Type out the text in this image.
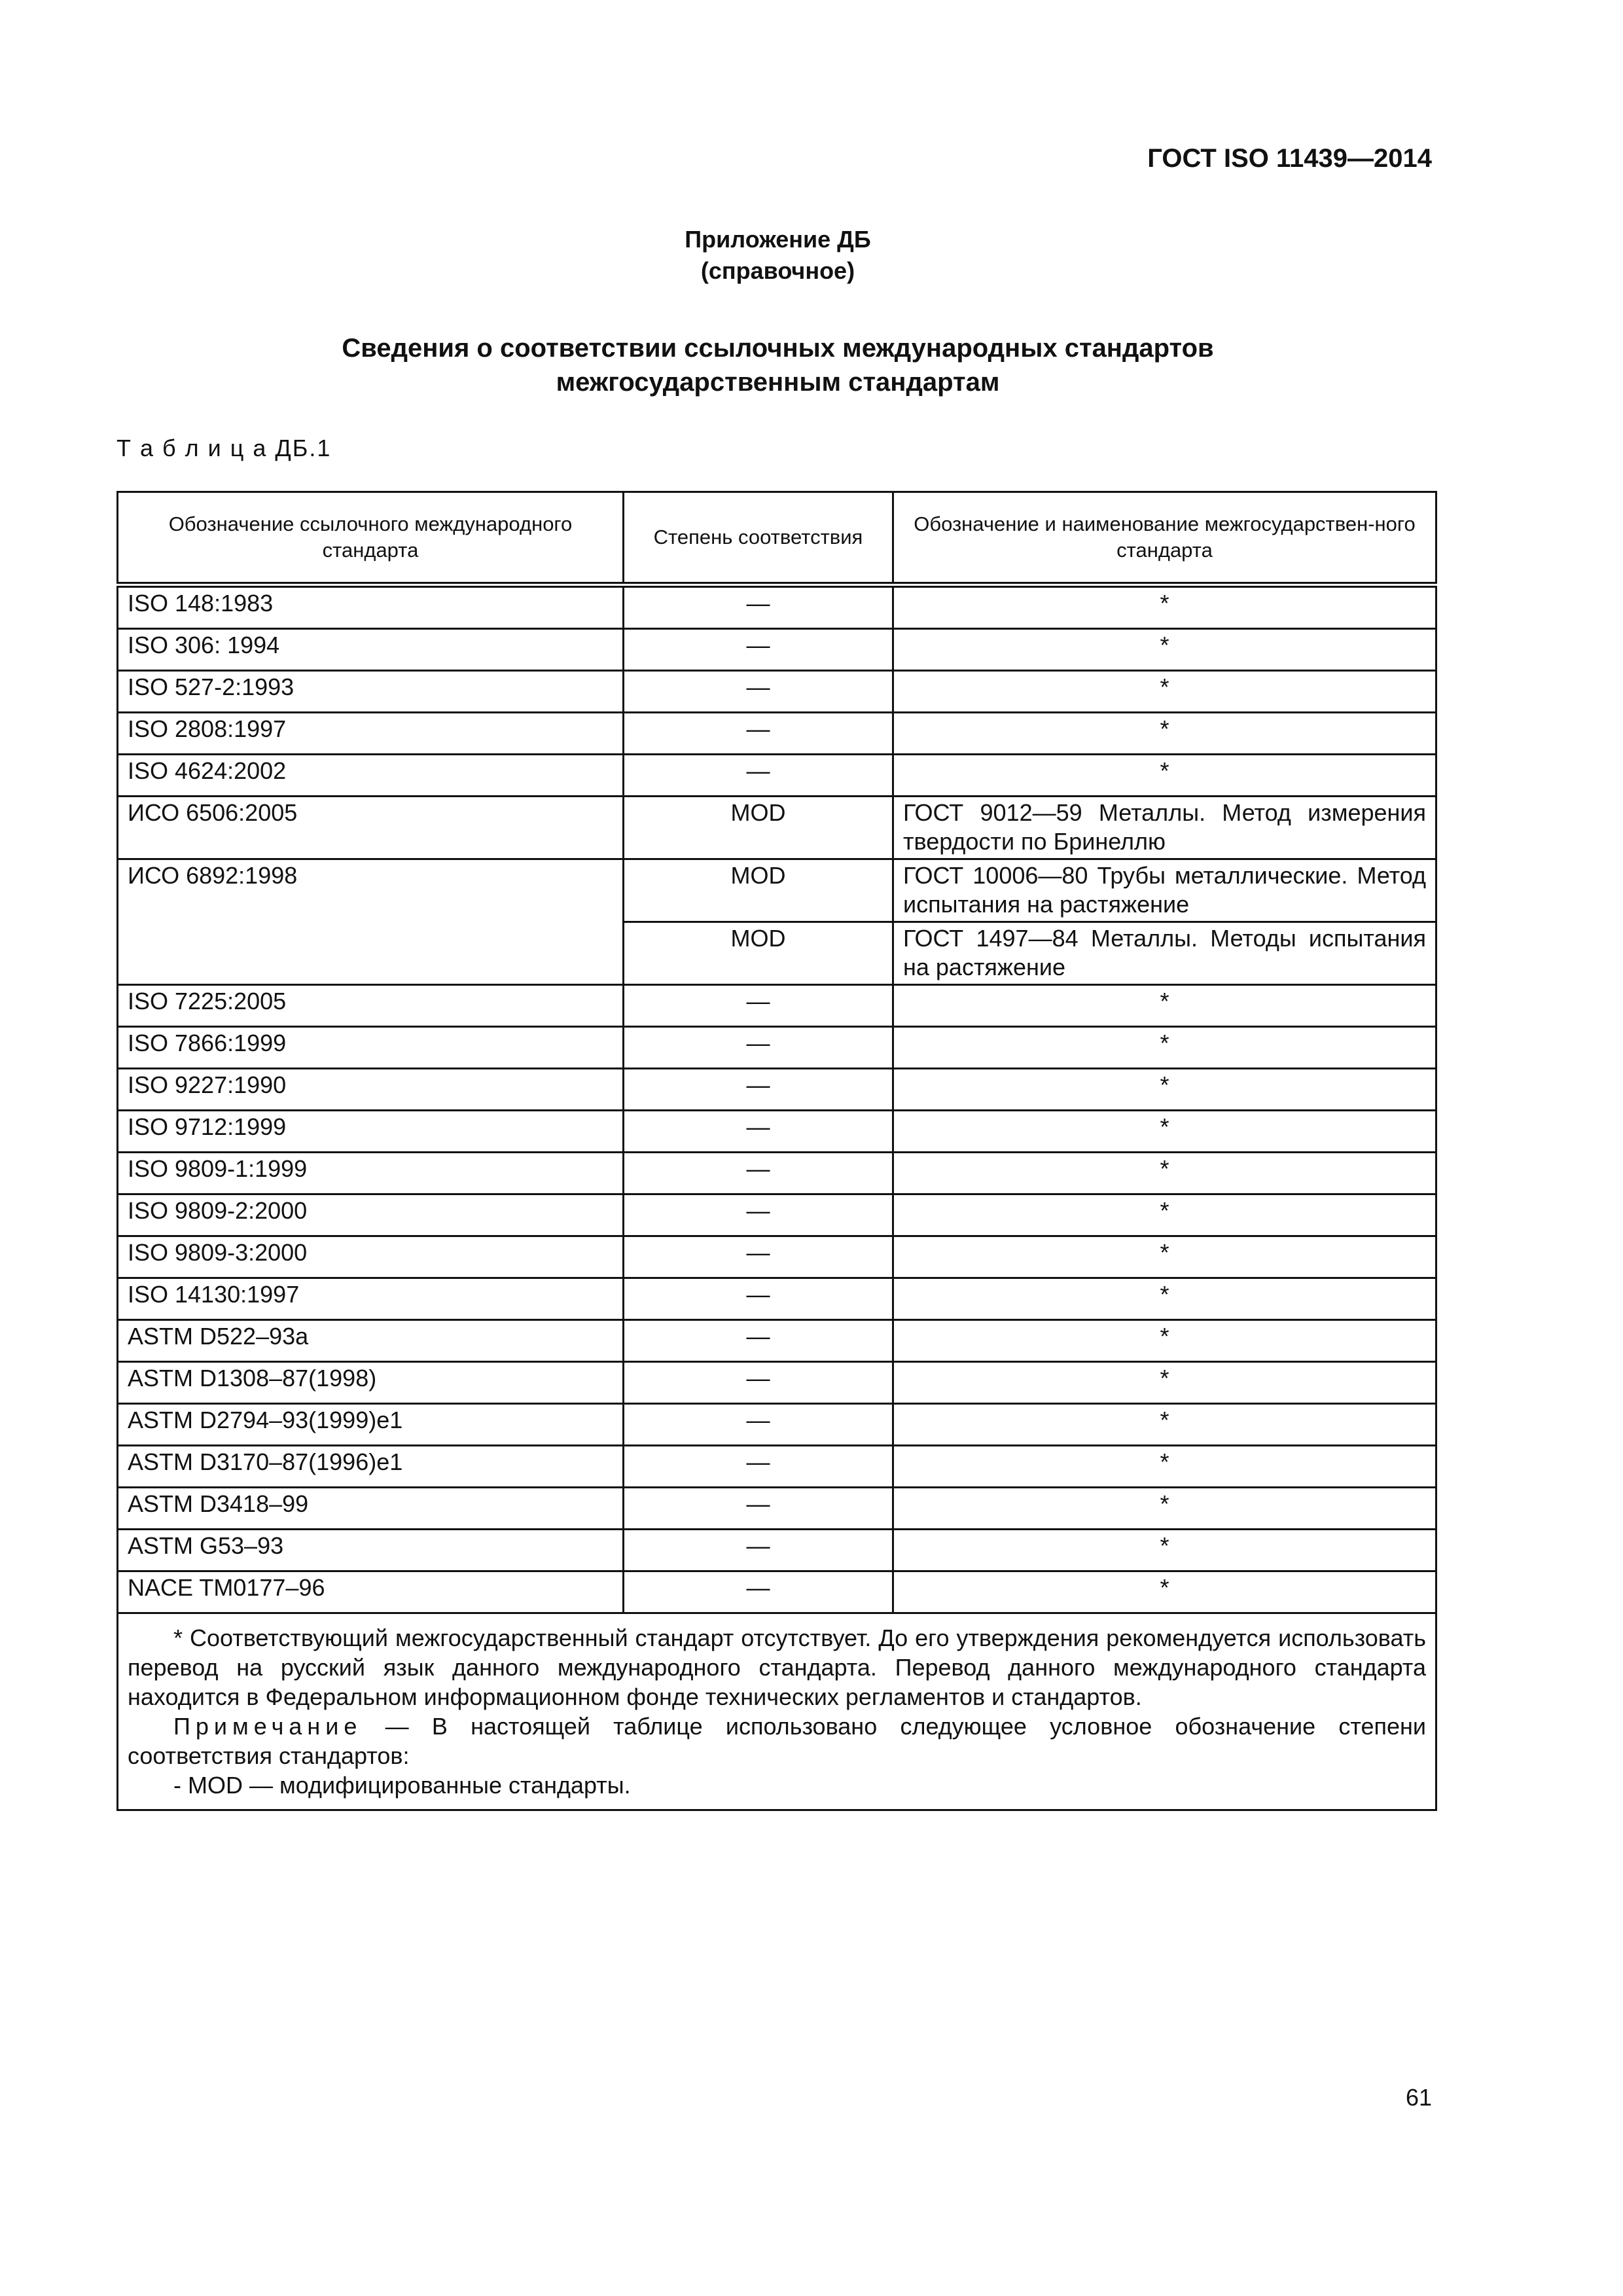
ГОСТ ISO 11439—2014
Приложение ДБ
(справочное)
Сведения о соответствии ссылочных международных стандартов
межгосударственным стандартам
Т а б л и ц а ДБ.1
Обозначение ссылочного международного стандарта	Степень соответствия	Обозначение и наименование межгосударствен-ного стандарта
ISO 148:1983	—	*
ISO 306: 1994	—	*
ISO 527-2:1993	—	*
ISO 2808:1997	—	*
ISO 4624:2002	—	*
ИСО 6506:2005	MOD	ГОСТ 9012—59 Металлы. Метод измерения твердости по Бринеллю
ИСО 6892:1998	MOD	ГОСТ 10006—80 Трубы металлические. Метод испытания на растяжение
	MOD	ГОСТ 1497—84 Металлы. Методы испытания на растяжение
ISO 7225:2005	—	*
ISO 7866:1999	—	*
ISO 9227:1990	—	*
ISO 9712:1999	—	*
ISO 9809-1:1999	—	*
ISO 9809-2:2000	—	*
ISO 9809-3:2000	—	*
ISO 14130:1997	—	*
ASTM D522–93a	—	*
ASTM D1308–87(1998)	—	*
ASTM D2794–93(1999)e1	—	*
ASTM D3170–87(1996)e1	—	*
ASTM D3418–99	—	*
ASTM G53–93	—	*
NACE TM0177–96	—	*

* Соответствующий межгосударственный стандарт отсутствует. До его утверждения рекомендуется использовать перевод на русский язык данного международного стандарта. Перевод данного международного стандарта находится в Федеральном информационном фонде технических регламентов и стандартов.
Примечание — В настоящей таблице использовано следующее условное обозначение степени соответствия стандартов:
- MOD — модифицированные стандарты.		
61
